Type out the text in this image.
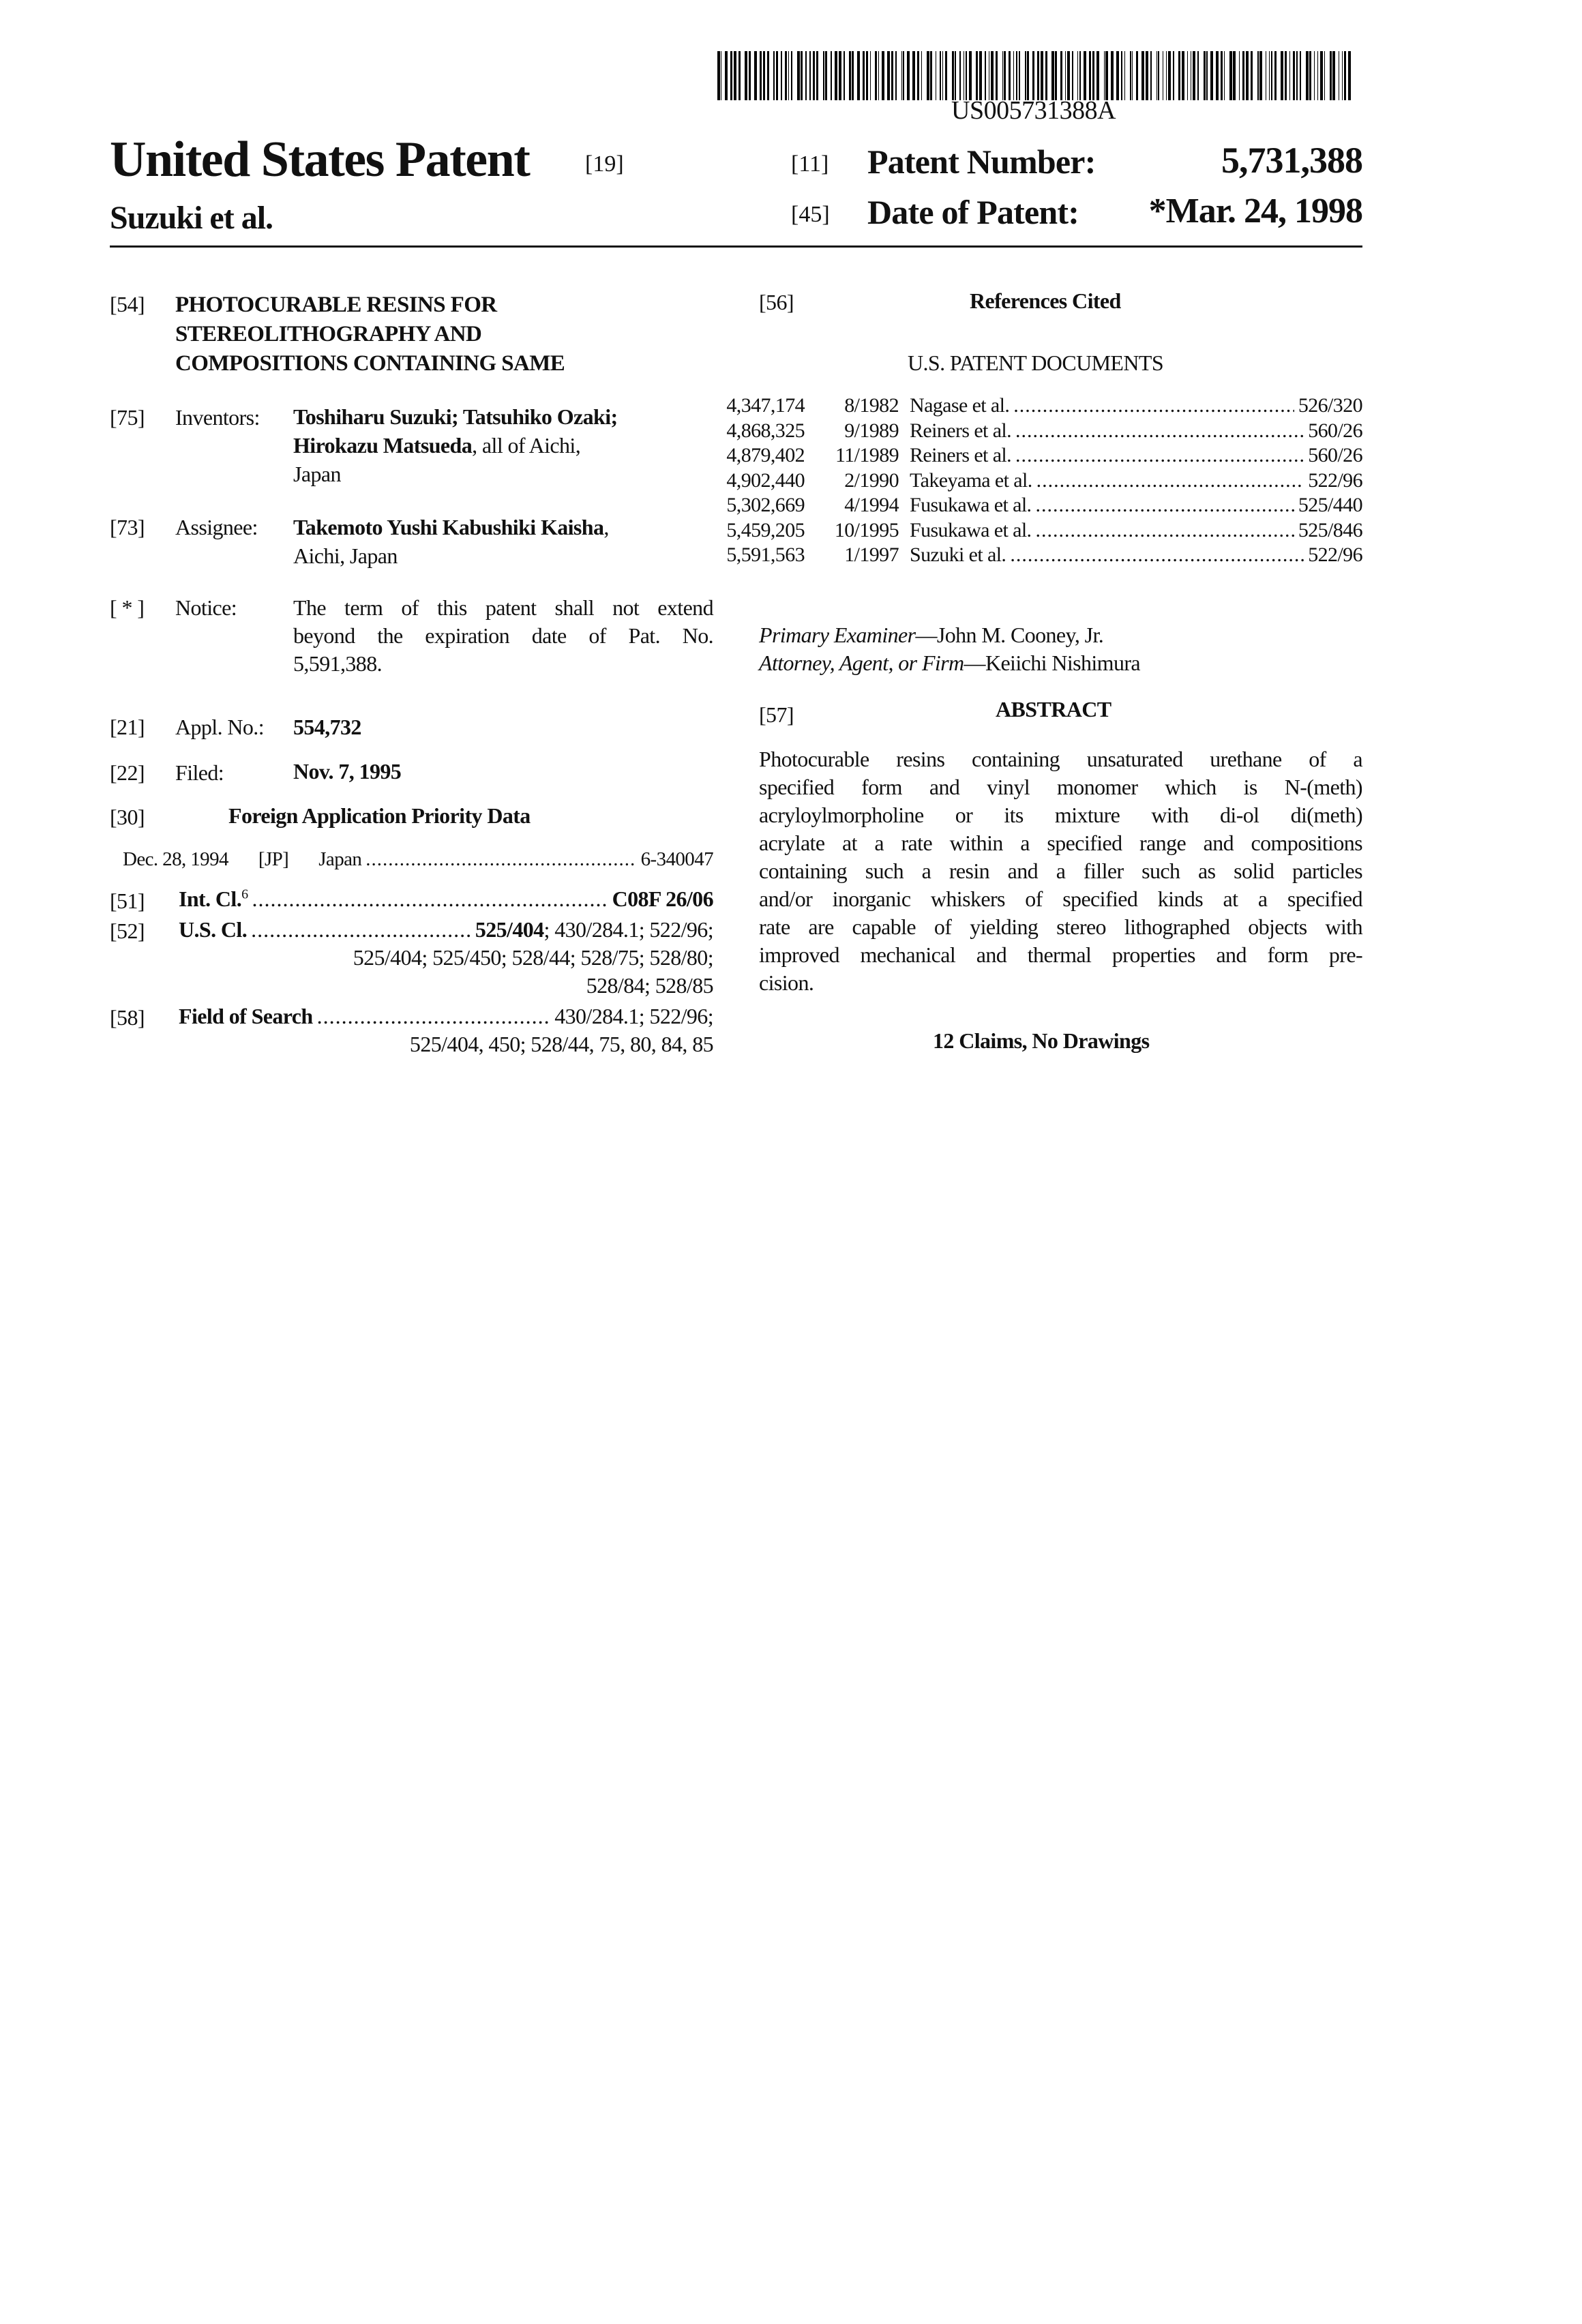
US005731388A
United States Patent [19]
Suzuki et al.
[11] Patent Number:	5,731,388
[45] Date of Patent: *Mar. 24, 1998
[54] PHOTOCURABLE RESINS FOR
STEREOLITHOGRAPHY AND
COMPOSITIONS CONTAINING SAME
[75] Inventors: Toshiharu Suzuki; Tatsuhiko Ozaki;
Hirokazu Matsueda, all of Aichi,
Japan
[73] Assignee: Takemoto Yushi Kabushiki Kaisha,
Aichi, Japan
[ * ] Notice:	The term of this patent shall not extend
beyond the expiration date of Pat. No.
5,591,388.
[21] Appl. No.: 554,732
[22] Filed:	Nov. 7, 1995
[30]	Foreign Application Priority Data
Dec. 28, 1994 [JP] Japan
.....	6-340047
[51] Int. Cl.6
.....	C08F 26/06
[52] U.S. Cl.
.....	525/404; 430/284.1; 522/96;
525/404; 525/450; 528/44; 528/75; 528/80;
528/84; 528/85
[58] Field of Search
.....	430/284.1; 522/96;
525/404, 450; 528/44, 75, 80, 84, 85
[56]	References Cited
U.S. PATENT DOCUMENTS
4,347,174	8/1982 Nagase et al.
.....	526/320
4,868,325	9/1989 Reiners et al.
.....	560/26
4,879,402	11/1989 Reiners et al.
.....	560/26
4,902,440	2/1990 Takeyama et al.
.....	522/96
5,302,669	4/1994 Fusukawa et al.
.....	525/440
5,459,205	10/1995 Fusukawa et al.
.....	525/846
5,591,563	1/1997 Suzuki et al.
.....	522/96
Primary Examiner—John M. Cooney, Jr.
Attorney, Agent, or Firm—Keiichi Nishimura
[57]	ABSTRACT
Photocurable resins containing unsaturated urethane of a
specified form and vinyl monomer which is N-(meth)
acryloylmorpholine or its mixture with di-ol di(meth)
acrylate at a rate within a specified range and compositions
containing such a resin and a filler such as solid particles
and/or inorganic whiskers of specified kinds at a specified
rate are capable of yielding stereo lithographed objects with
improved mechanical and thermal properties and form pre-
cision.
12 Claims, No Drawings
